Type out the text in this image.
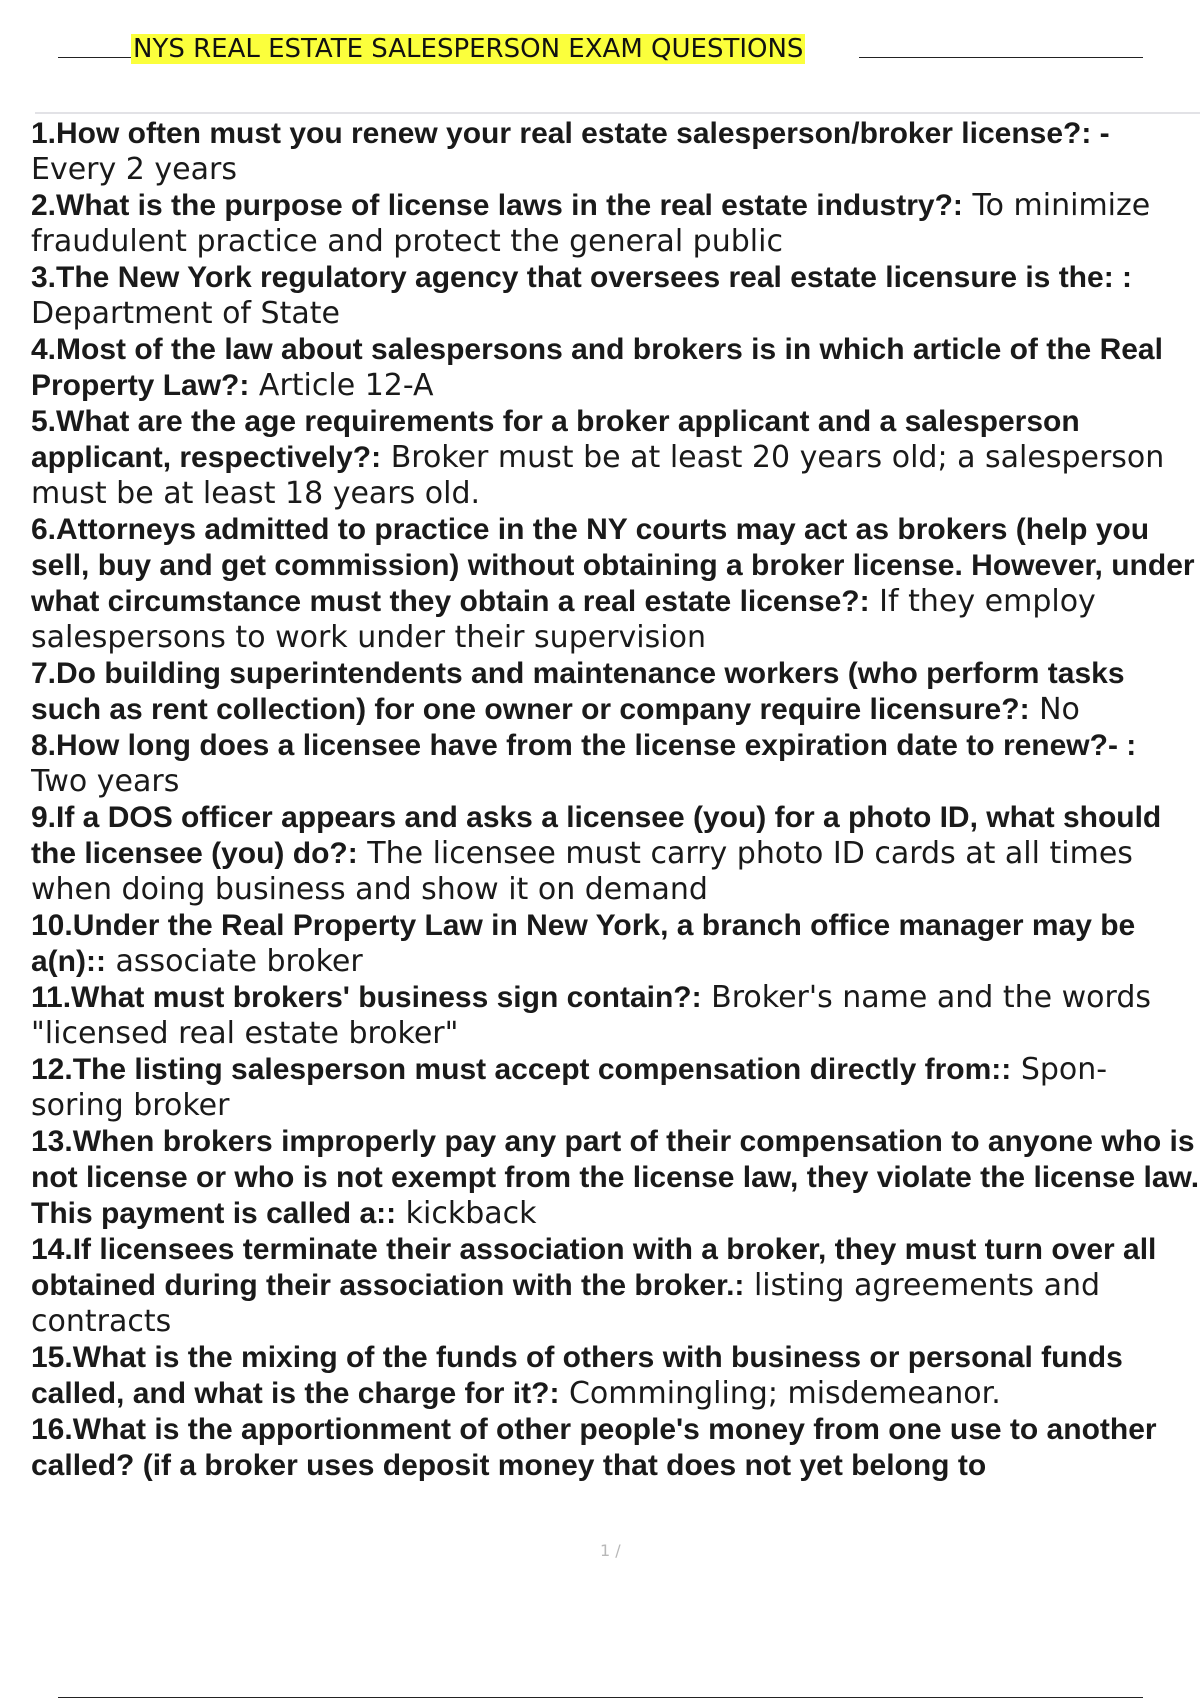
NYS REAL ESTATE SALESPERSON EXAM QUESTIONS

1.How often must you renew your real estate salesperson/broker license?: - Every 2 years

2.What is the purpose of license laws in the real estate industry?: To minimize fraudulent practice and protect the general public

3.The New York regulatory agency that oversees real estate licensure is the: : Department of State

4.Most of the law about salespersons and brokers is in which article of the Real Property Law?: Article 12-A

5.What are the age requirements for a broker applicant and a salesperson applicant, respectively?: Broker must be at least 20 years old; a salesperson must be at least 18 years old.

6.Attorneys admitted to practice in the NY courts may act as brokers (help you sell, buy and get commission) without obtaining a broker license. However, under what circumstance must they obtain a real estate license?: If they employ salespersons to work under their supervision

7.Do building superintendents and maintenance workers (who perform tasks such as rent collection) for one owner or company require licensure?: No

8.How long does a licensee have from the license expiration date to renew?- : Two years

9.If a DOS officer appears and asks a licensee (you) for a photo ID, what should the licensee (you) do?: The licensee must carry photo ID cards at all times when doing business and show it on demand

10.Under the Real Property Law in New York, a branch office manager may be a(n):: associate broker

11.What must brokers' business sign contain?: Broker's name and the words "licensed real estate broker"

12.The listing salesperson must accept compensation directly from:: Spon- soring broker

13.When brokers improperly pay any part of their compensation to anyone who is not license or who is not exempt from the license law, they violate the license law. This payment is called a:: kickback

14.If licensees terminate their association with a broker, they must turn over all obtained during their association with the broker.: listing agreements and contracts

15.What is the mixing of the funds of others with business or personal funds called, and what is the charge for it?: Commingling; misdemeanor.

16.What is the apportionment of other people's money from one use to another called? (if a broker uses deposit money that does not yet belong to

1 /
